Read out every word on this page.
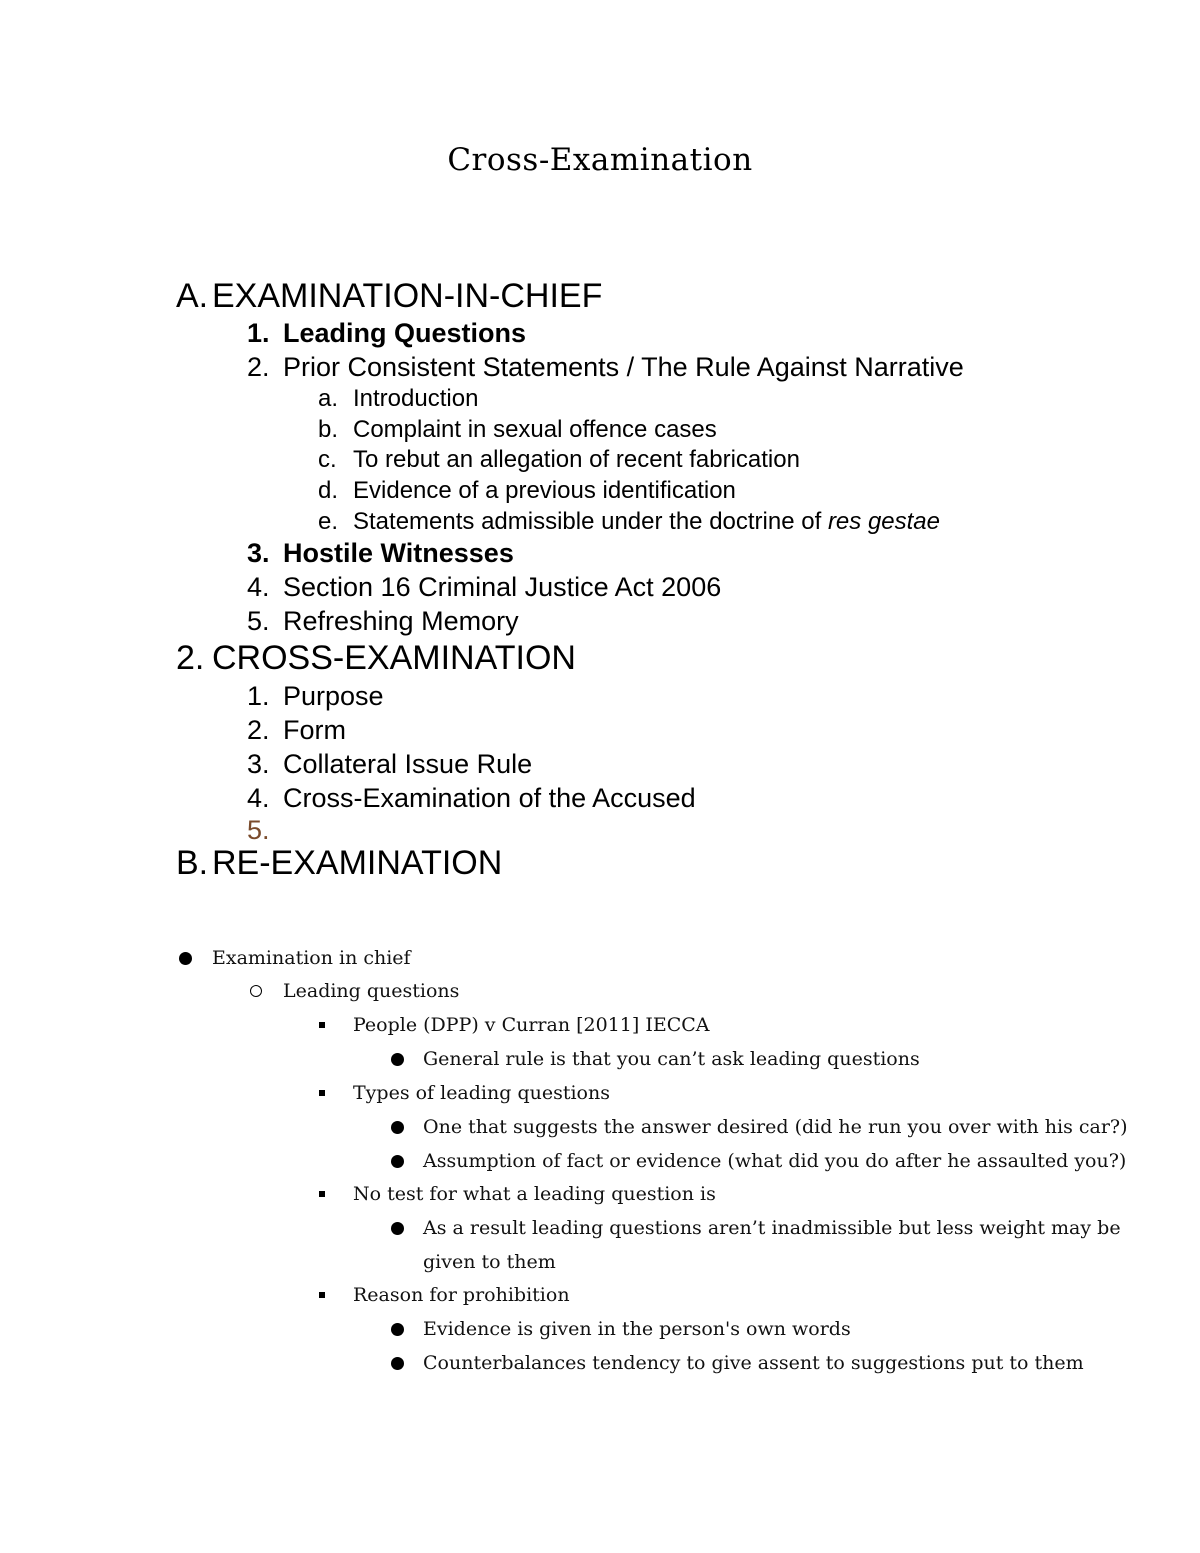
Cross-Examination
A. EXAMINATION-IN-CHIEF
1. Leading Questions
2. Prior Consistent Statements / The Rule Against Narrative
a. Introduction
b. Complaint in sexual offence cases
c. To rebut an allegation of recent fabrication
d. Evidence of a previous identification
e. Statements admissible under the doctrine of res gestae
3. Hostile Witnesses
4. Section 16 Criminal Justice Act 2006
5. Refreshing Memory
2. CROSS-EXAMINATION
1. Purpose
2. Form
3. Collateral Issue Rule
4. Cross-Examination of the Accused
5.
B. RE-EXAMINATION
Examination in chief
Leading questions
People (DPP) v Curran [2011] IECCA
General rule is that you can’t ask leading questions
Types of leading questions
One that suggests the answer desired (did he run you over with his car?)
Assumption of fact or evidence (what did you do after he assaulted you?)
No test for what a leading question is
As a result leading questions aren’t inadmissible but less weight may be
given to them
Reason for prohibition
Evidence is given in the person's own words
Counterbalances tendency to give assent to suggestions put to them
